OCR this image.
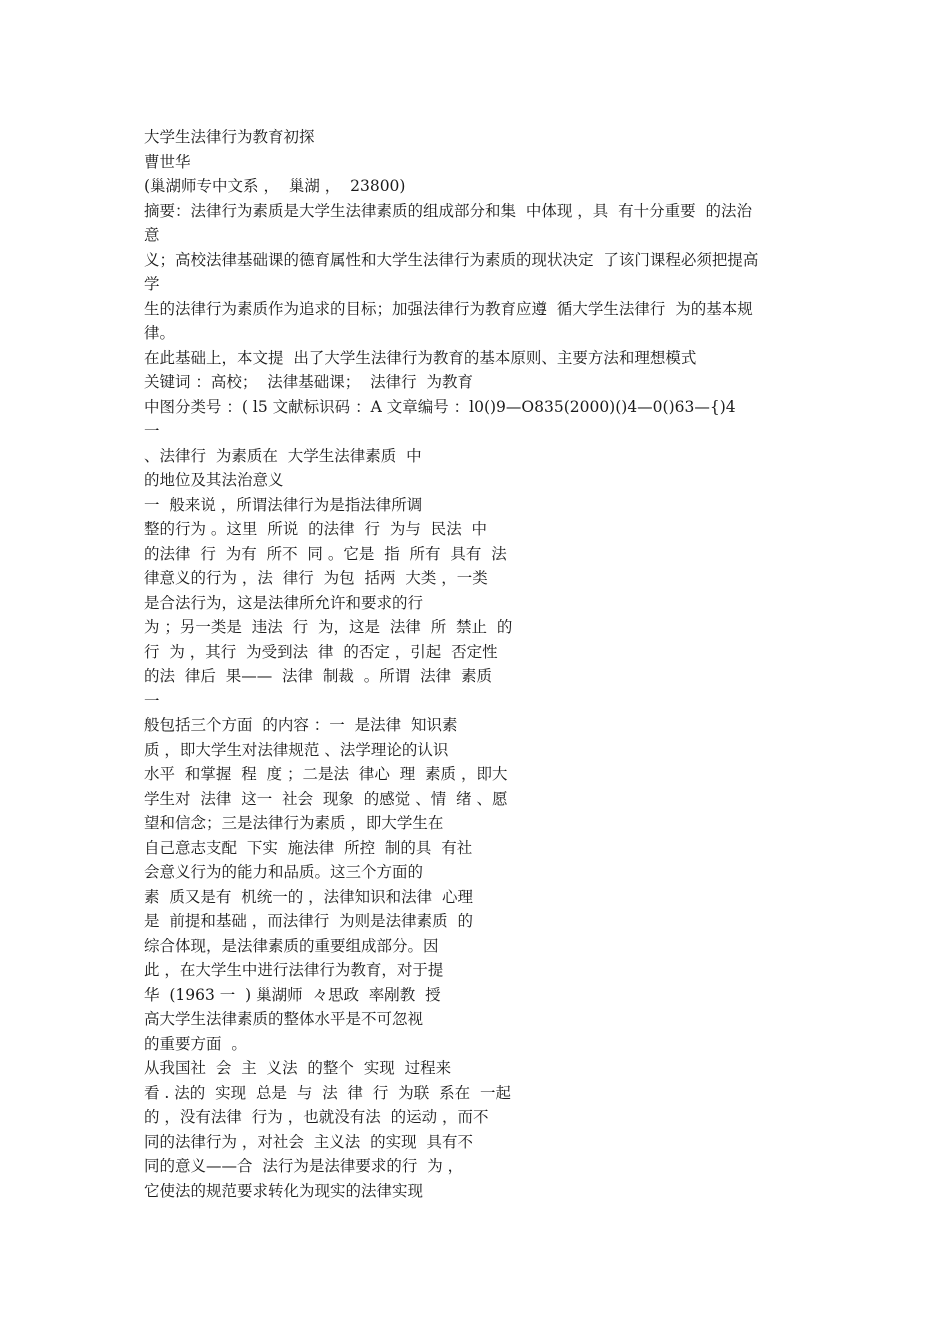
大学生法律行为教育初探
曹世华
(巢湖师专中文系 ，  巢湖 ，  23800)
摘要：法律行为素质是大学生法律素质的组成部分和集  中体现 ，具  有十分重要  的法治
意
义；高校法律基础课的德育属性和大学生法律行为素质的现状决定  了该门课程必须把提高
学
生的法律行为素质作为追求的目标；加强法律行为教育应遵  循大学生法律行  为的基本规
律。
在此基础上，本文提  出了大学生法律行为教育的基本原则、主要方法和理想模式
关键词 ：高校；  法律基础课；  法律行  为教育
中图分类号 ：( l5 文献标识码 ：A 文章编号 ：l0()9—O835(2000)()4—0()63—{)4
一
、法律行  为素质在  大学生法律素质  中
的地位及其法治意义
一  般来说 ，所谓法律行为是指法律所调
整的行为 。这里  所说  的法律  行  为与  民法  中
的法律  行  为有  所不  同 。它是  指  所有  具有  法
律意义的行为 ，法  律行  为包  括两  大类 ，一类
是合法行为，这是法律所允许和要求的行
为 ；另一类是  违法  行  为，这是  法律  所  禁止  的
行  为 ，其行  为受到法  律  的否定 ，引起  否定性
的法  律后  果——  法律  制裁  。所谓  法律  素质
一
般包括三个方面  的内容 ：一  是法律  知识素
质 ，即大学生对法律规范 、法学理论的认识
水平  和掌握  程  度 ；二是法  律心  理  素质 ，即大
学生对  法律  这一  社会  现象  的感觉 、情  绪 、愿
望和信念；三是法律行为素质 ，即大学生在
自己意志支配  下实  施法律  所控  制的具  有社
会意义行为的能力和品质。这三个方面的
素  质又是有  机统一的 ，法律知识和法律  心理
是  前提和基础 ，而法律行  为则是法律素质  的
综合体现，是法律素质的重要组成部分。因
此 ，在大学生中进行法律行为教育，对于提
华  (1963 一  ) 巢湖师  々思政  率剐教  授
高大学生法律素质的整体水平是不可忽视
的重要方面  。
从我国社  会  主  义法  的整个  实现  过程来
看 . 法的  实现  总是  与  法  律  行  为联  系在  一起
的 ，没有法律  行为 ，也就没有法  的运动 ，而不
同的法律行为 ，对社会  主义法  的实现  具有不
同的意义——合  法行为是法律要求的行  为 ，
它使法的规范要求转化为现实的法律实现
